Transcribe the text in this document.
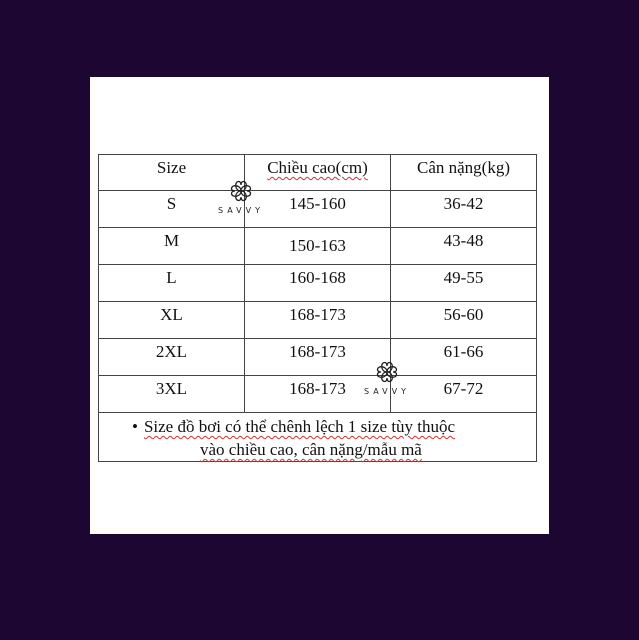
Size	Chiều cao(cm)	Cân nặng(kg)
S	145-160	36-42
M	150-163	43-48
L	160-168	49-55
XL	168-173	56-60
2XL	168-173	61-66
3XL	168-173	67-72

• Size đồ bơi có thể chênh lệch 1 size tùy thuộc
vào chiều cao, cân nặng/mẫu mã		
SAVVY
SAVVY
